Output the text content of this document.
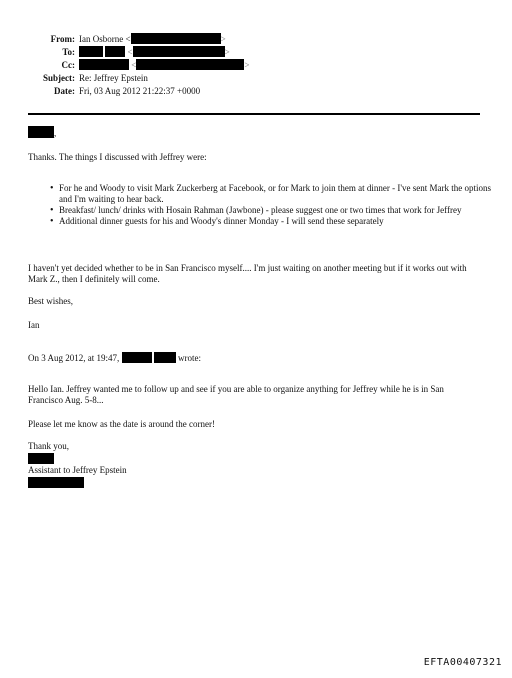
From: Ian Osborne <	>
To:	<	>
Cc:	<	>
Subject: Re: Jeffrey Epstein
Date: Fri, 03 Aug 2012 21:22:37 +0000
,
Thanks. The things I discussed with Jeffrey were:
• For he and Woody to visit Mark Zuckerberg at Facebook, or for Mark to join them at dinner - I've sent Mark the options and I'm waiting to hear back.
• Breakfast/ lunch/ drinks with Hosain Rahman (Jawbone) - please suggest one or two times that work for Jeffrey
• Additional dinner guests for his and Woody's dinner Monday - I will send these separately
I haven't yet decided whether to be in San Francisco myself.... I'm just waiting on another meeting but if it works out with Mark Z., then I definitely will come.
Best wishes,
Ian
On 3 Aug 2012, at 19:47,	wrote:
Hello Ian. Jeffrey wanted me to follow up and see if you are able to organize anything for Jeffrey while he is in San Francisco Aug. 5-8...
Please let me know as the date is around the corner!
Thank you,
Assistant to Jeffrey Epstein
EFTA00407321
